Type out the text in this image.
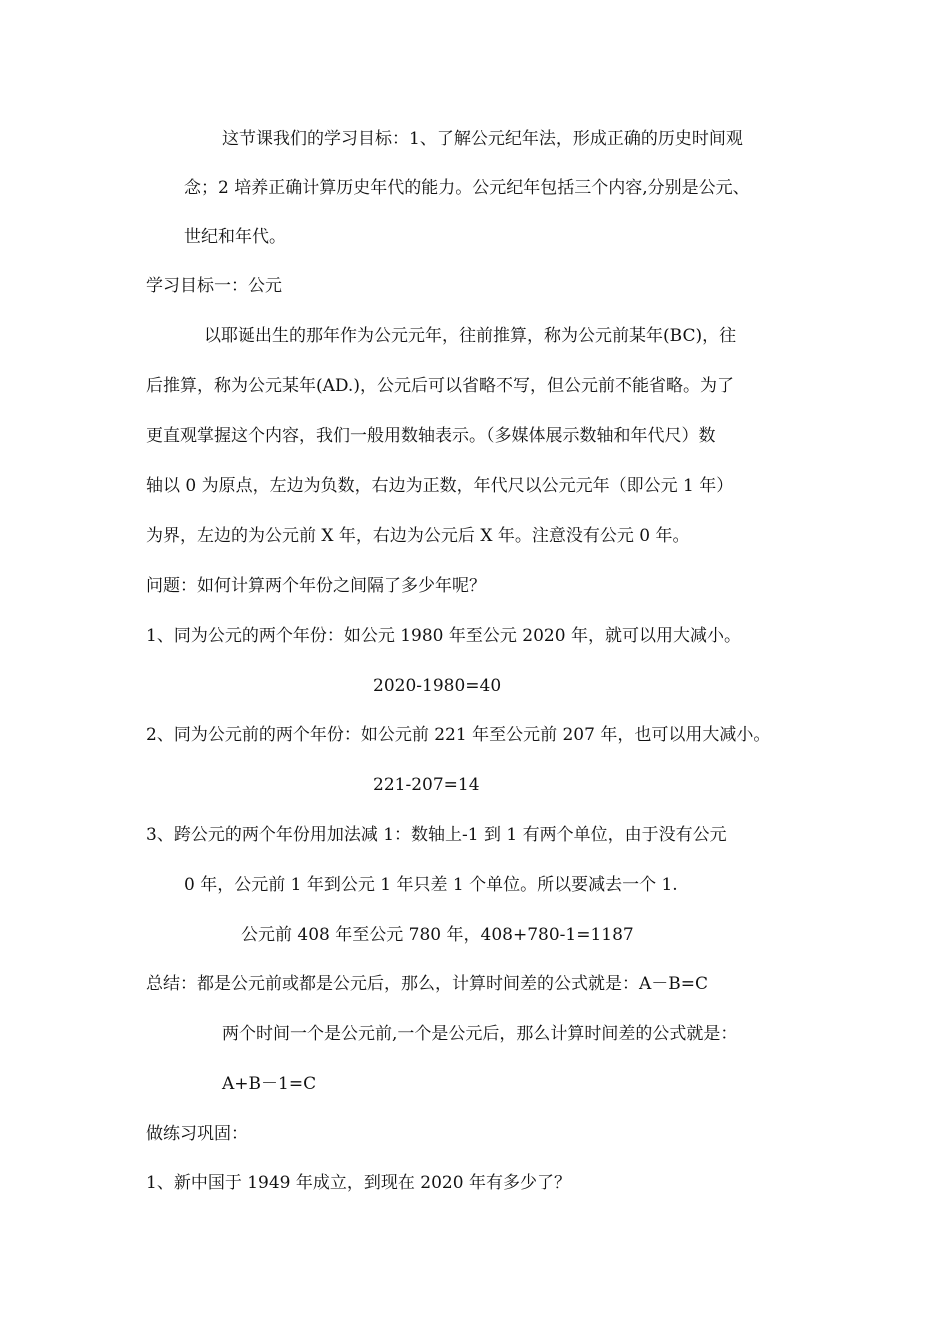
这节课我们的学习目标：1、了解公元纪年法，形成正确的历史时间观
念；2 培养正确计算历史年代的能力。公元纪年包括三个内容,分别是公元、
世纪和年代。
学习目标一：公元
以耶诞出生的那年作为公元元年，往前推算，称为公元前某年(BC)，往
后推算，称为公元某年(AD.)，公元后可以省略不写，但公元前不能省略。为了
更直观掌握这个内容，我们一般用数轴表示。（多媒体展示数轴和年代尺）数
轴以 0 为原点，左边为负数，右边为正数，年代尺以公元元年（即公元 1 年）
为界，左边的为公元前 X 年，右边为公元后 X 年。注意没有公元 0 年。
问题：如何计算两个年份之间隔了多少年呢？
1、同为公元的两个年份：如公元 1980 年至公元 2020 年，就可以用大减小。
2020-1980=40
2、同为公元前的两个年份：如公元前 221 年至公元前 207 年，也可以用大减小。
221-207=14
3、跨公元的两个年份用加法减 1：数轴上-1 到 1 有两个单位，由于没有公元
0 年，公元前 1 年到公元 1 年只差 1 个单位。所以要减去一个 1.
公元前 408 年至公元 780 年，408+780-1=1187
总结：都是公元前或都是公元后，那么，计算时间差的公式就是：A－B=C
两个时间一个是公元前,一个是公元后，那么计算时间差的公式就是：
A+B－1=C
做练习巩固：
1、新中国于 1949 年成立，到现在 2020 年有多少了？
